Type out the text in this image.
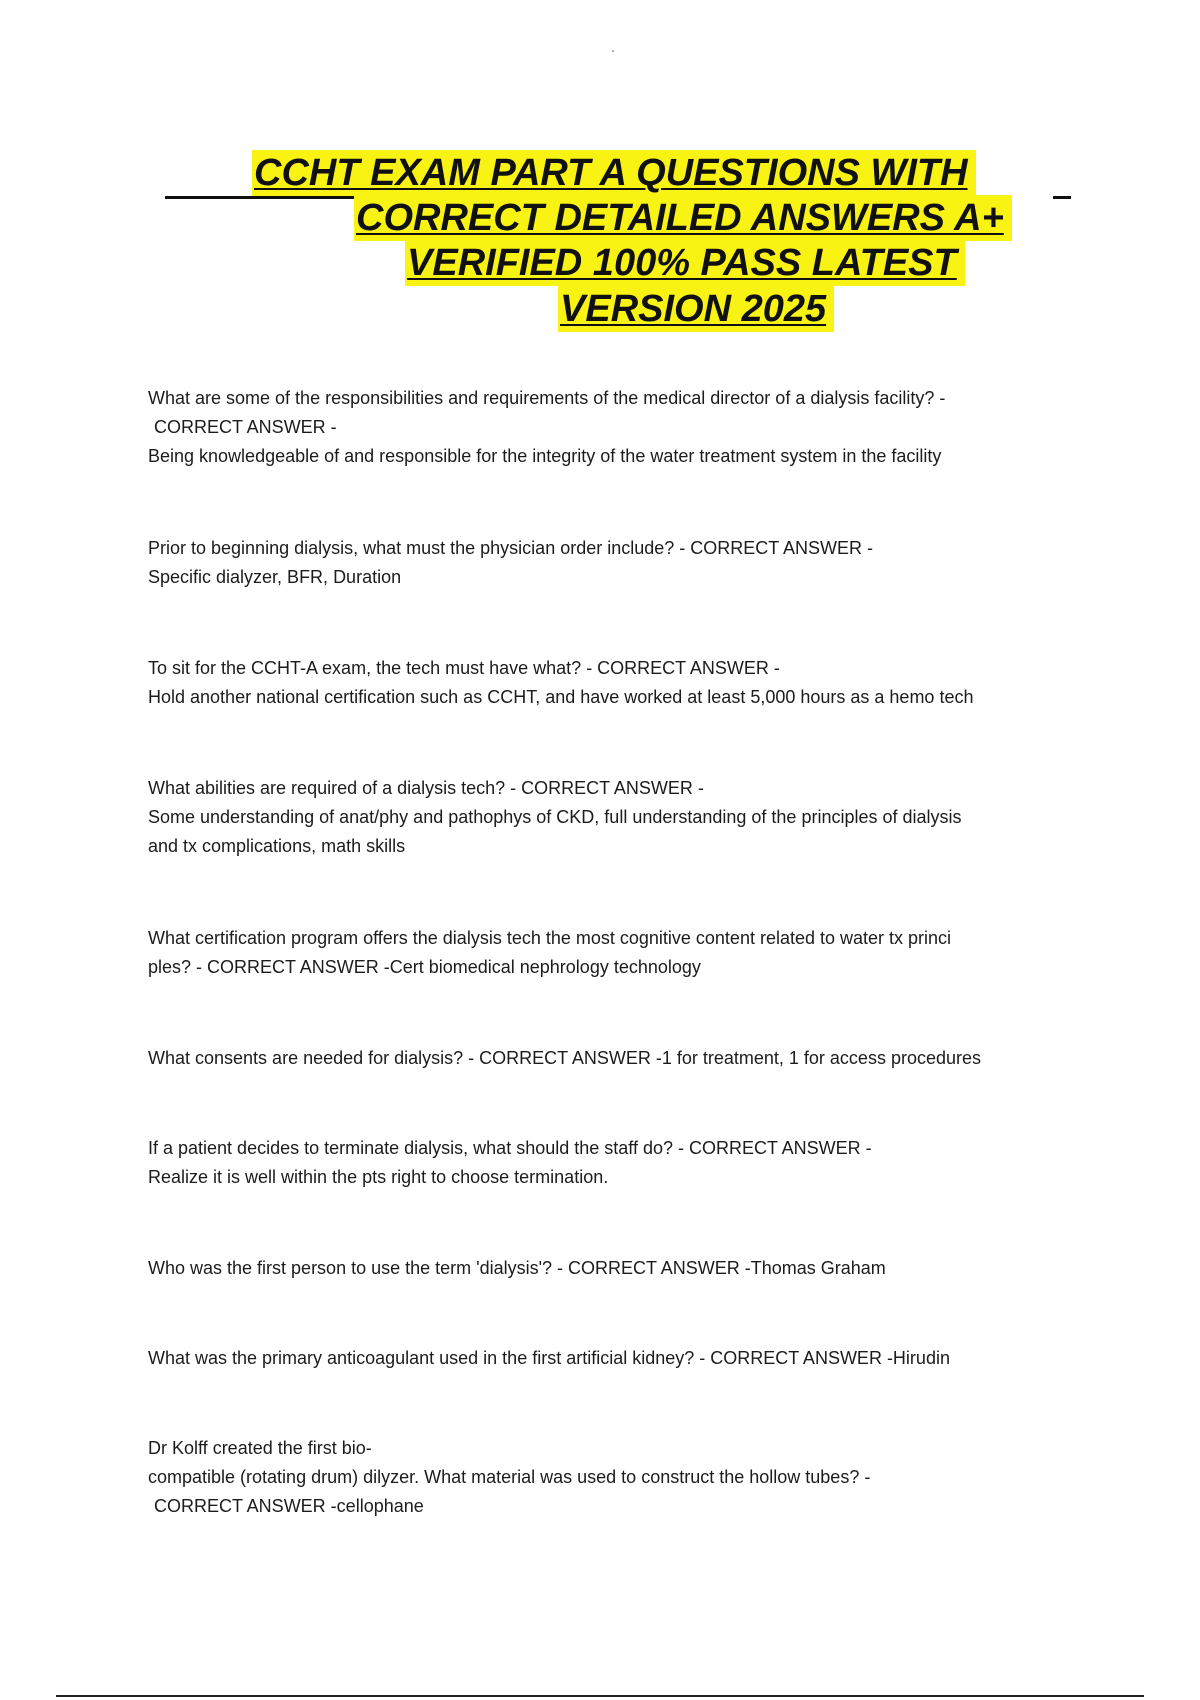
CCHT EXAM PART A QUESTIONS WITH
CORRECT DETAILED ANSWERS A+
VERIFIED 100% PASS LATEST
VERSION 2025
What are some of the responsibilities and requirements of the medical director of a dialysis facility? -
CORRECT ANSWER -
Being knowledgeable of and responsible for the integrity of the water treatment system in the facility
Prior to beginning dialysis, what must the physician order include? - CORRECT ANSWER -
Specific dialyzer, BFR, Duration
To sit for the CCHT-A exam, the tech must have what? - CORRECT ANSWER -
Hold another national certification such as CCHT, and have worked at least 5,000 hours as a hemo tech
What abilities are required of a dialysis tech? - CORRECT ANSWER -
Some understanding of anat/phy and pathophys of CKD, full understanding of the principles of dialysis
and tx complications, math skills
What certification program offers the dialysis tech the most cognitive content related to water tx princi
ples? - CORRECT ANSWER -Cert biomedical nephrology technology
What consents are needed for dialysis? - CORRECT ANSWER -1 for treatment, 1 for access procedures
If a patient decides to terminate dialysis, what should the staff do? - CORRECT ANSWER -
Realize it is well within the pts right to choose termination.
Who was the first person to use the term 'dialysis'? - CORRECT ANSWER -Thomas Graham
What was the primary anticoagulant used in the first artificial kidney? - CORRECT ANSWER -Hirudin
Dr Kolff created the first bio-
compatible (rotating drum) dilyzer. What material was used to construct the hollow tubes? -
CORRECT ANSWER -cellophane
